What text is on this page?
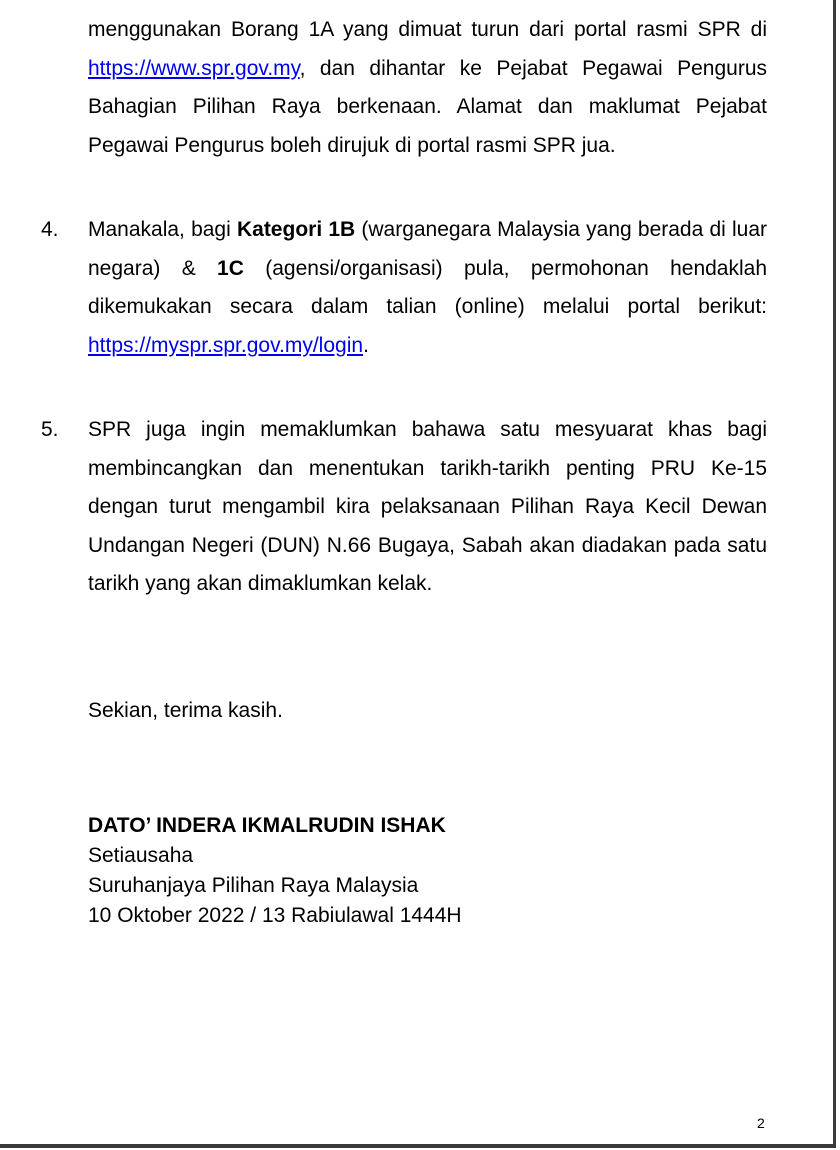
menggunakan Borang 1A yang dimuat turun dari portal rasmi SPR di https://www.spr.gov.my, dan dihantar ke Pejabat Pegawai Pengurus Bahagian Pilihan Raya berkenaan. Alamat dan maklumat Pejabat Pegawai Pengurus boleh dirujuk di portal rasmi SPR jua.
4. Manakala, bagi Kategori 1B (warganegara Malaysia yang berada di luar negara) & 1C (agensi/organisasi) pula, permohonan hendaklah dikemukakan secara dalam talian (online) melalui portal berikut: https://myspr.spr.gov.my/login.
5. SPR juga ingin memaklumkan bahawa satu mesyuarat khas bagi membincangkan dan menentukan tarikh-tarikh penting PRU Ke-15 dengan turut mengambil kira pelaksanaan Pilihan Raya Kecil Dewan Undangan Negeri (DUN) N.66 Bugaya, Sabah akan diadakan pada satu tarikh yang akan dimaklumkan kelak.
Sekian, terima kasih.
DATO’ INDERA IKMALRUDIN ISHAK
Setiausaha
Suruhanjaya Pilihan Raya Malaysia
10 Oktober 2022 / 13 Rabiulawal 1444H
2
